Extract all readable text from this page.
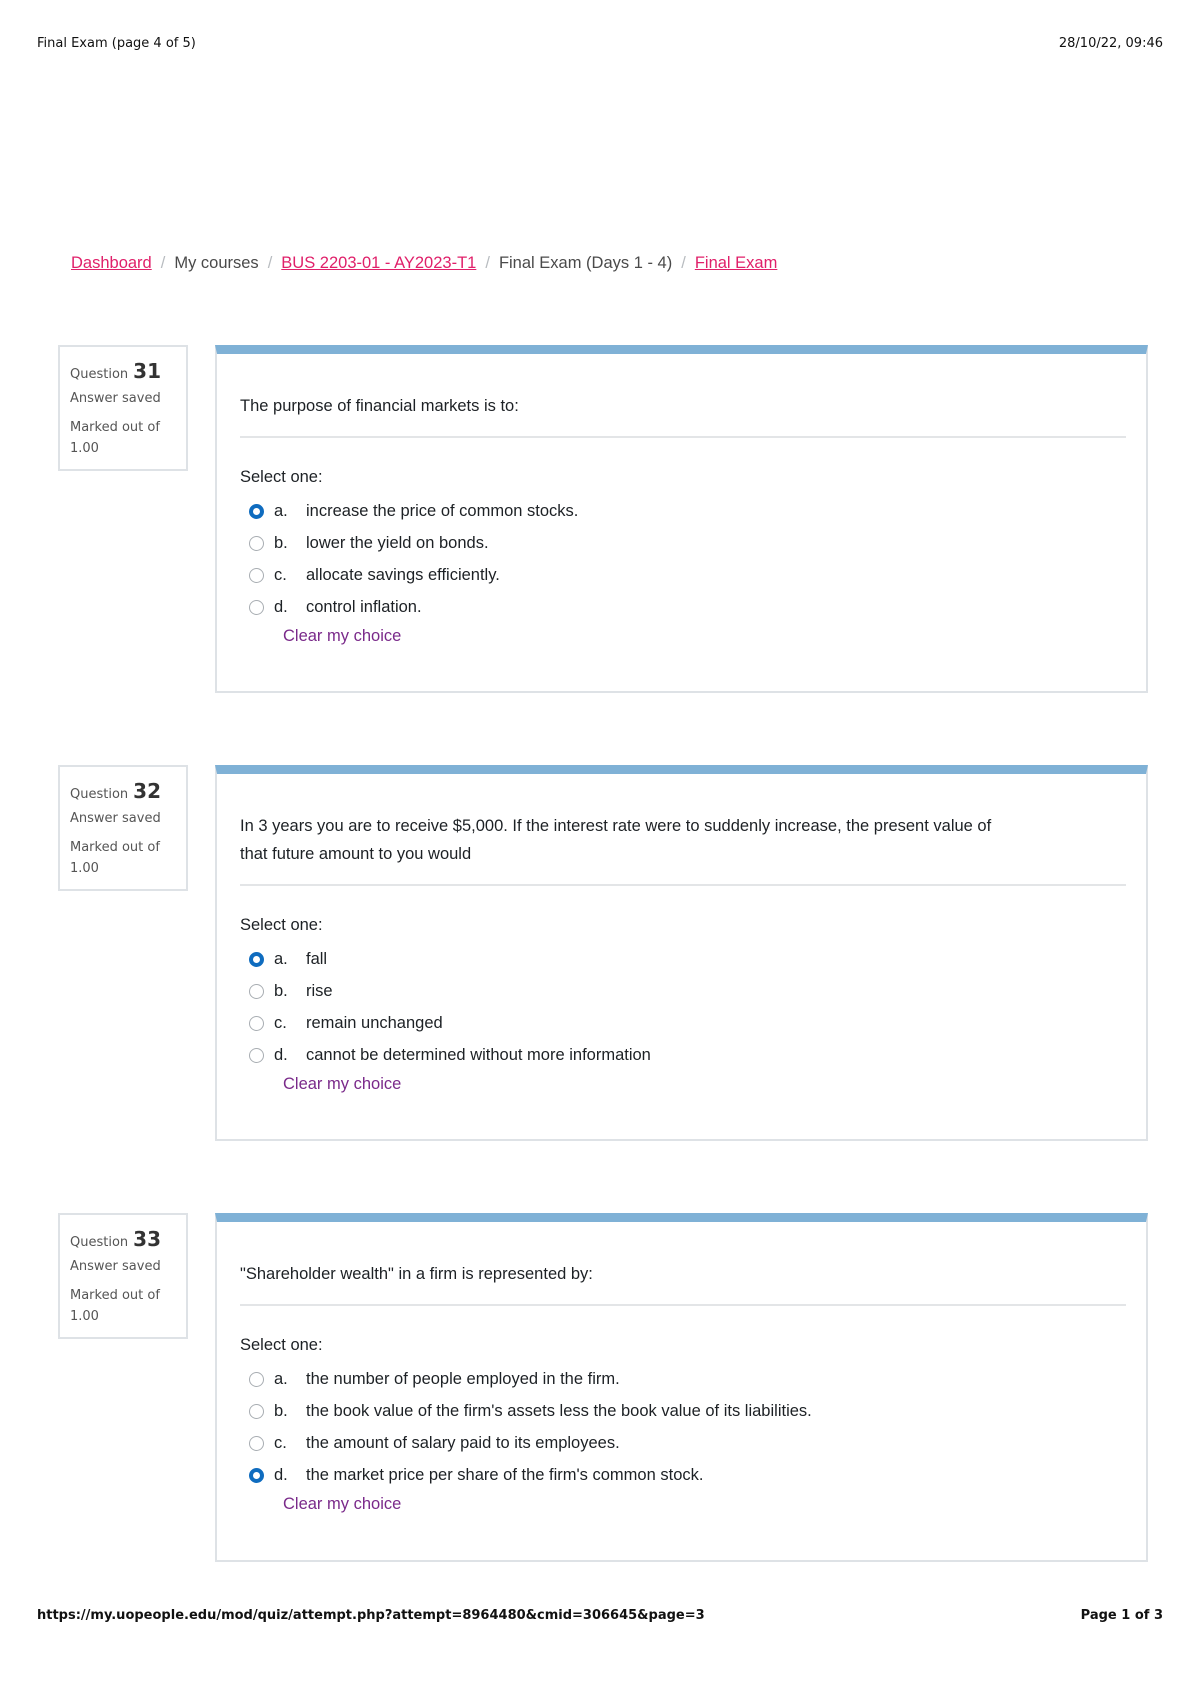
Final Exam (page 4 of 5)	28/10/22, 09:46
Dashboard / My courses / BUS 2203-01 - AY2023-T1 / Final Exam (Days 1 - 4) / Final Exam
Question 31
Answer saved
Marked out of
1.00
The purpose of financial markets is to:
Select one:
a.	increase the price of common stocks.
b.	lower the yield on bonds.
c.	allocate savings efficiently.
d.	control inflation.
Clear my choice
Question 32
Answer saved
Marked out of
1.00
In 3 years you are to receive $5,000. If the interest rate were to suddenly increase, the present value of
that future amount to you would
Select one:
a.	fall
b.	rise
c.	remain unchanged
d.	cannot be determined without more information
Clear my choice
Question 33
Answer saved
Marked out of
1.00
"Shareholder wealth" in a firm is represented by:
Select one:
a.	the number of people employed in the firm.
b.	the book value of the firm's assets less the book value of its liabilities.
c.	the amount of salary paid to its employees.
d.	the market price per share of the firm's common stock.
Clear my choice
https://my.uopeople.edu/mod/quiz/attempt.php?attempt=8964480&cmid=306645&page=3	Page 1 of 3
